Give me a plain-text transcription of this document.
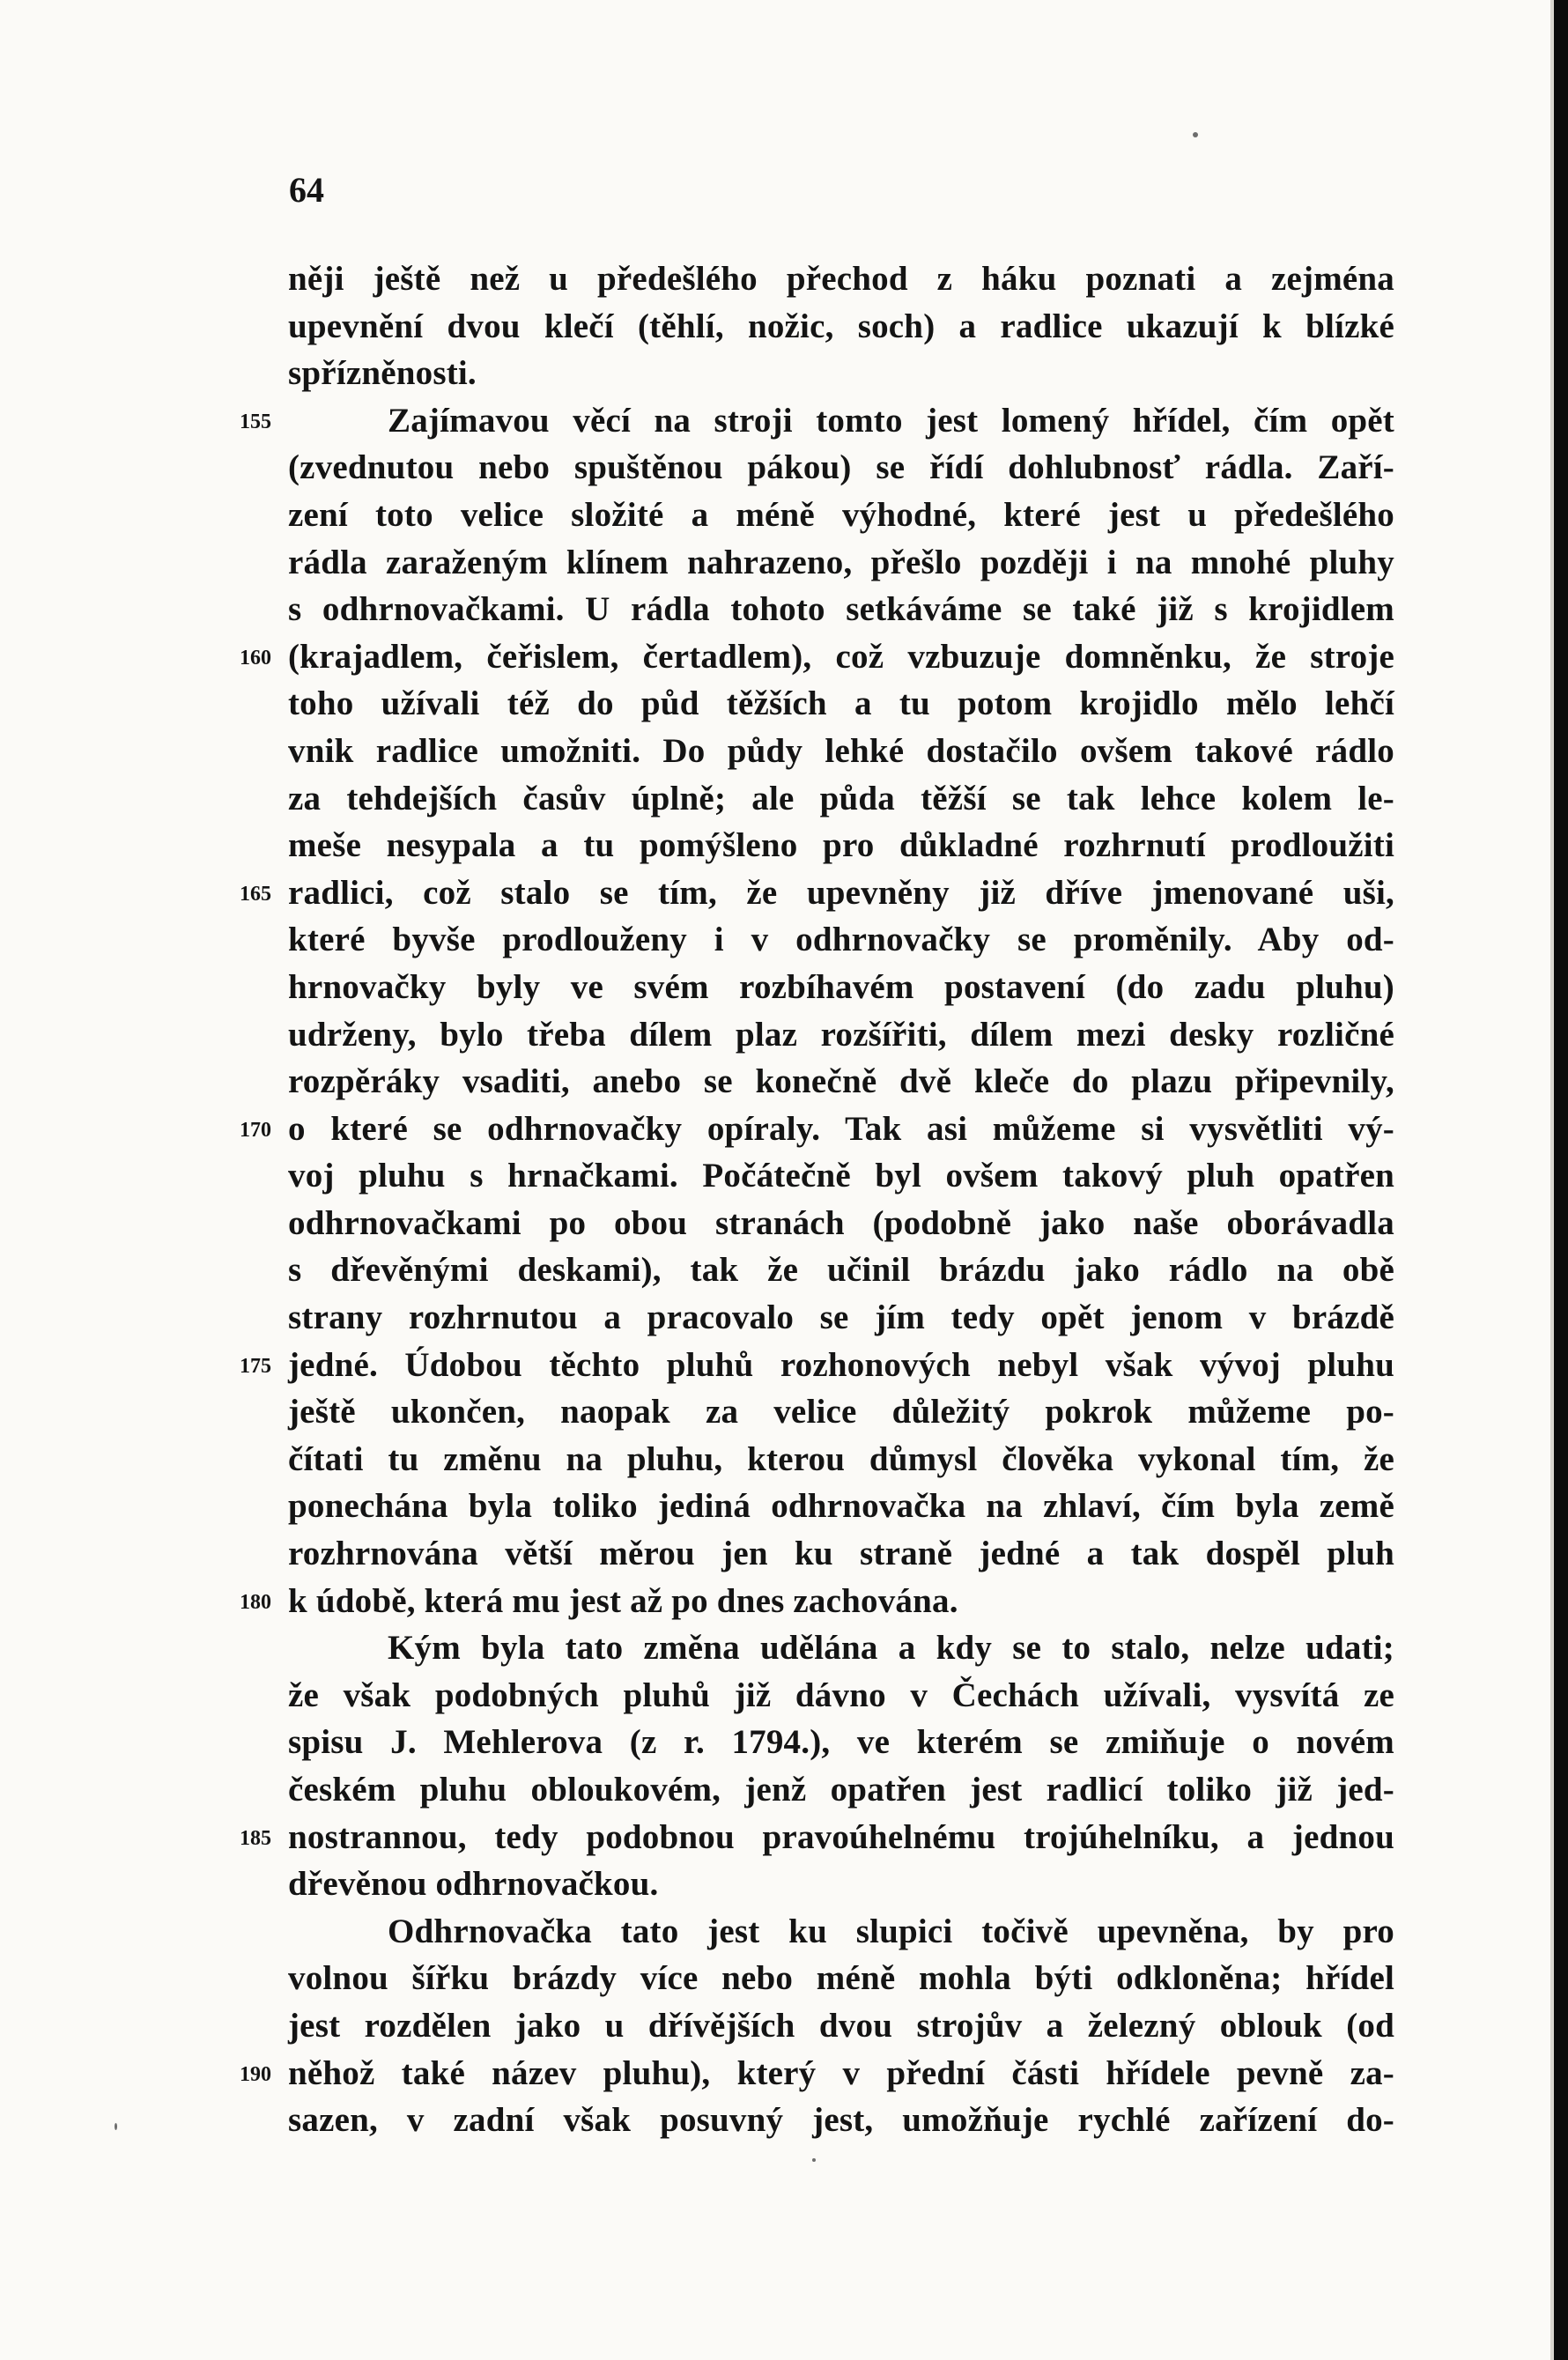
64
něji ještě než u předešlého přechod z háku poznati a zejména
upevnění dvou klečí (těhlí, nožic, soch) a radlice ukazují k blízké
spřízněnosti.
Zajímavou věcí na stroji tomto jest lomený hřídel, čím opět
155
(zvednutou nebo spuštěnou pákou) se řídí dohlubnosť rádla. Zaří-
zení toto velice složité a méně výhodné, které jest u předešlého
rádla zaraženým klínem nahrazeno, přešlo později i na mnohé pluhy
s odhrnovačkami. U rádla tohoto setkáváme se také již s krojidlem
(krajadlem, čeřislem, čertadlem), což vzbuzuje domněnku, že stroje
160
toho užívali též do půd těžších a tu potom krojidlo mělo lehčí
vnik radlice umožniti. Do půdy lehké dostačilo ovšem takové rádlo
za tehdejších časův úplně; ale půda těžší se tak lehce kolem le-
meše nesypala a tu pomýšleno pro důkladné rozhrnutí prodloužiti
radlici, což stalo se tím, že upevněny již dříve jmenované uši,
165
které byvše prodlouženy i v odhrnovačky se proměnily. Aby od-
hrnovačky byly ve svém rozbíhavém postavení (do zadu pluhu)
udrženy, bylo třeba dílem plaz rozšířiti, dílem mezi desky rozličné
rozpěráky vsaditi, anebo se konečně dvě kleče do plazu připevnily,
o které se odhrnovačky opíraly. Tak asi můžeme si vysvětliti vý-
170
voj pluhu s hrnačkami. Počátečně byl ovšem takový pluh opatřen
odhrnovačkami po obou stranách (podobně jako naše oborávadla
s dřevěnými deskami), tak že učinil brázdu jako rádlo na obě
strany rozhrnutou a pracovalo se jím tedy opět jenom v brázdě
jedné. Údobou těchto pluhů rozhonových nebyl však vývoj pluhu
175
ještě ukončen, naopak za velice důležitý pokrok můžeme po-
čítati tu změnu na pluhu, kterou důmysl člověka vykonal tím, že
ponechána byla toliko jediná odhrnovačka na zhlaví, čím byla země
rozhrnována větší měrou jen ku straně jedné a tak dospěl pluh
k údobě, která mu jest až po dnes zachována.
180
Kým byla tato změna udělána a kdy se to stalo, nelze udati;
že však podobných pluhů již dávno v Čechách užívali, vysvítá ze
spisu J. Mehlerova (z r. 1794.), ve kterém se zmiňuje o novém
českém pluhu obloukovém, jenž opatřen jest radlicí toliko již jed-
nostrannou, tedy podobnou pravoúhelnému trojúhelníku, a jednou
185
dřevěnou odhrnovačkou.
Odhrnovačka tato jest ku slupici točivě upevněna, by pro
volnou šířku brázdy více nebo méně mohla býti odkloněna; hřídel
jest rozdělen jako u dřívějších dvou strojův a železný oblouk (od
něhož také název pluhu), který v přední části hřídele pevně za-
190
sazen, v zadní však posuvný jest, umožňuje rychlé zařízení do-
